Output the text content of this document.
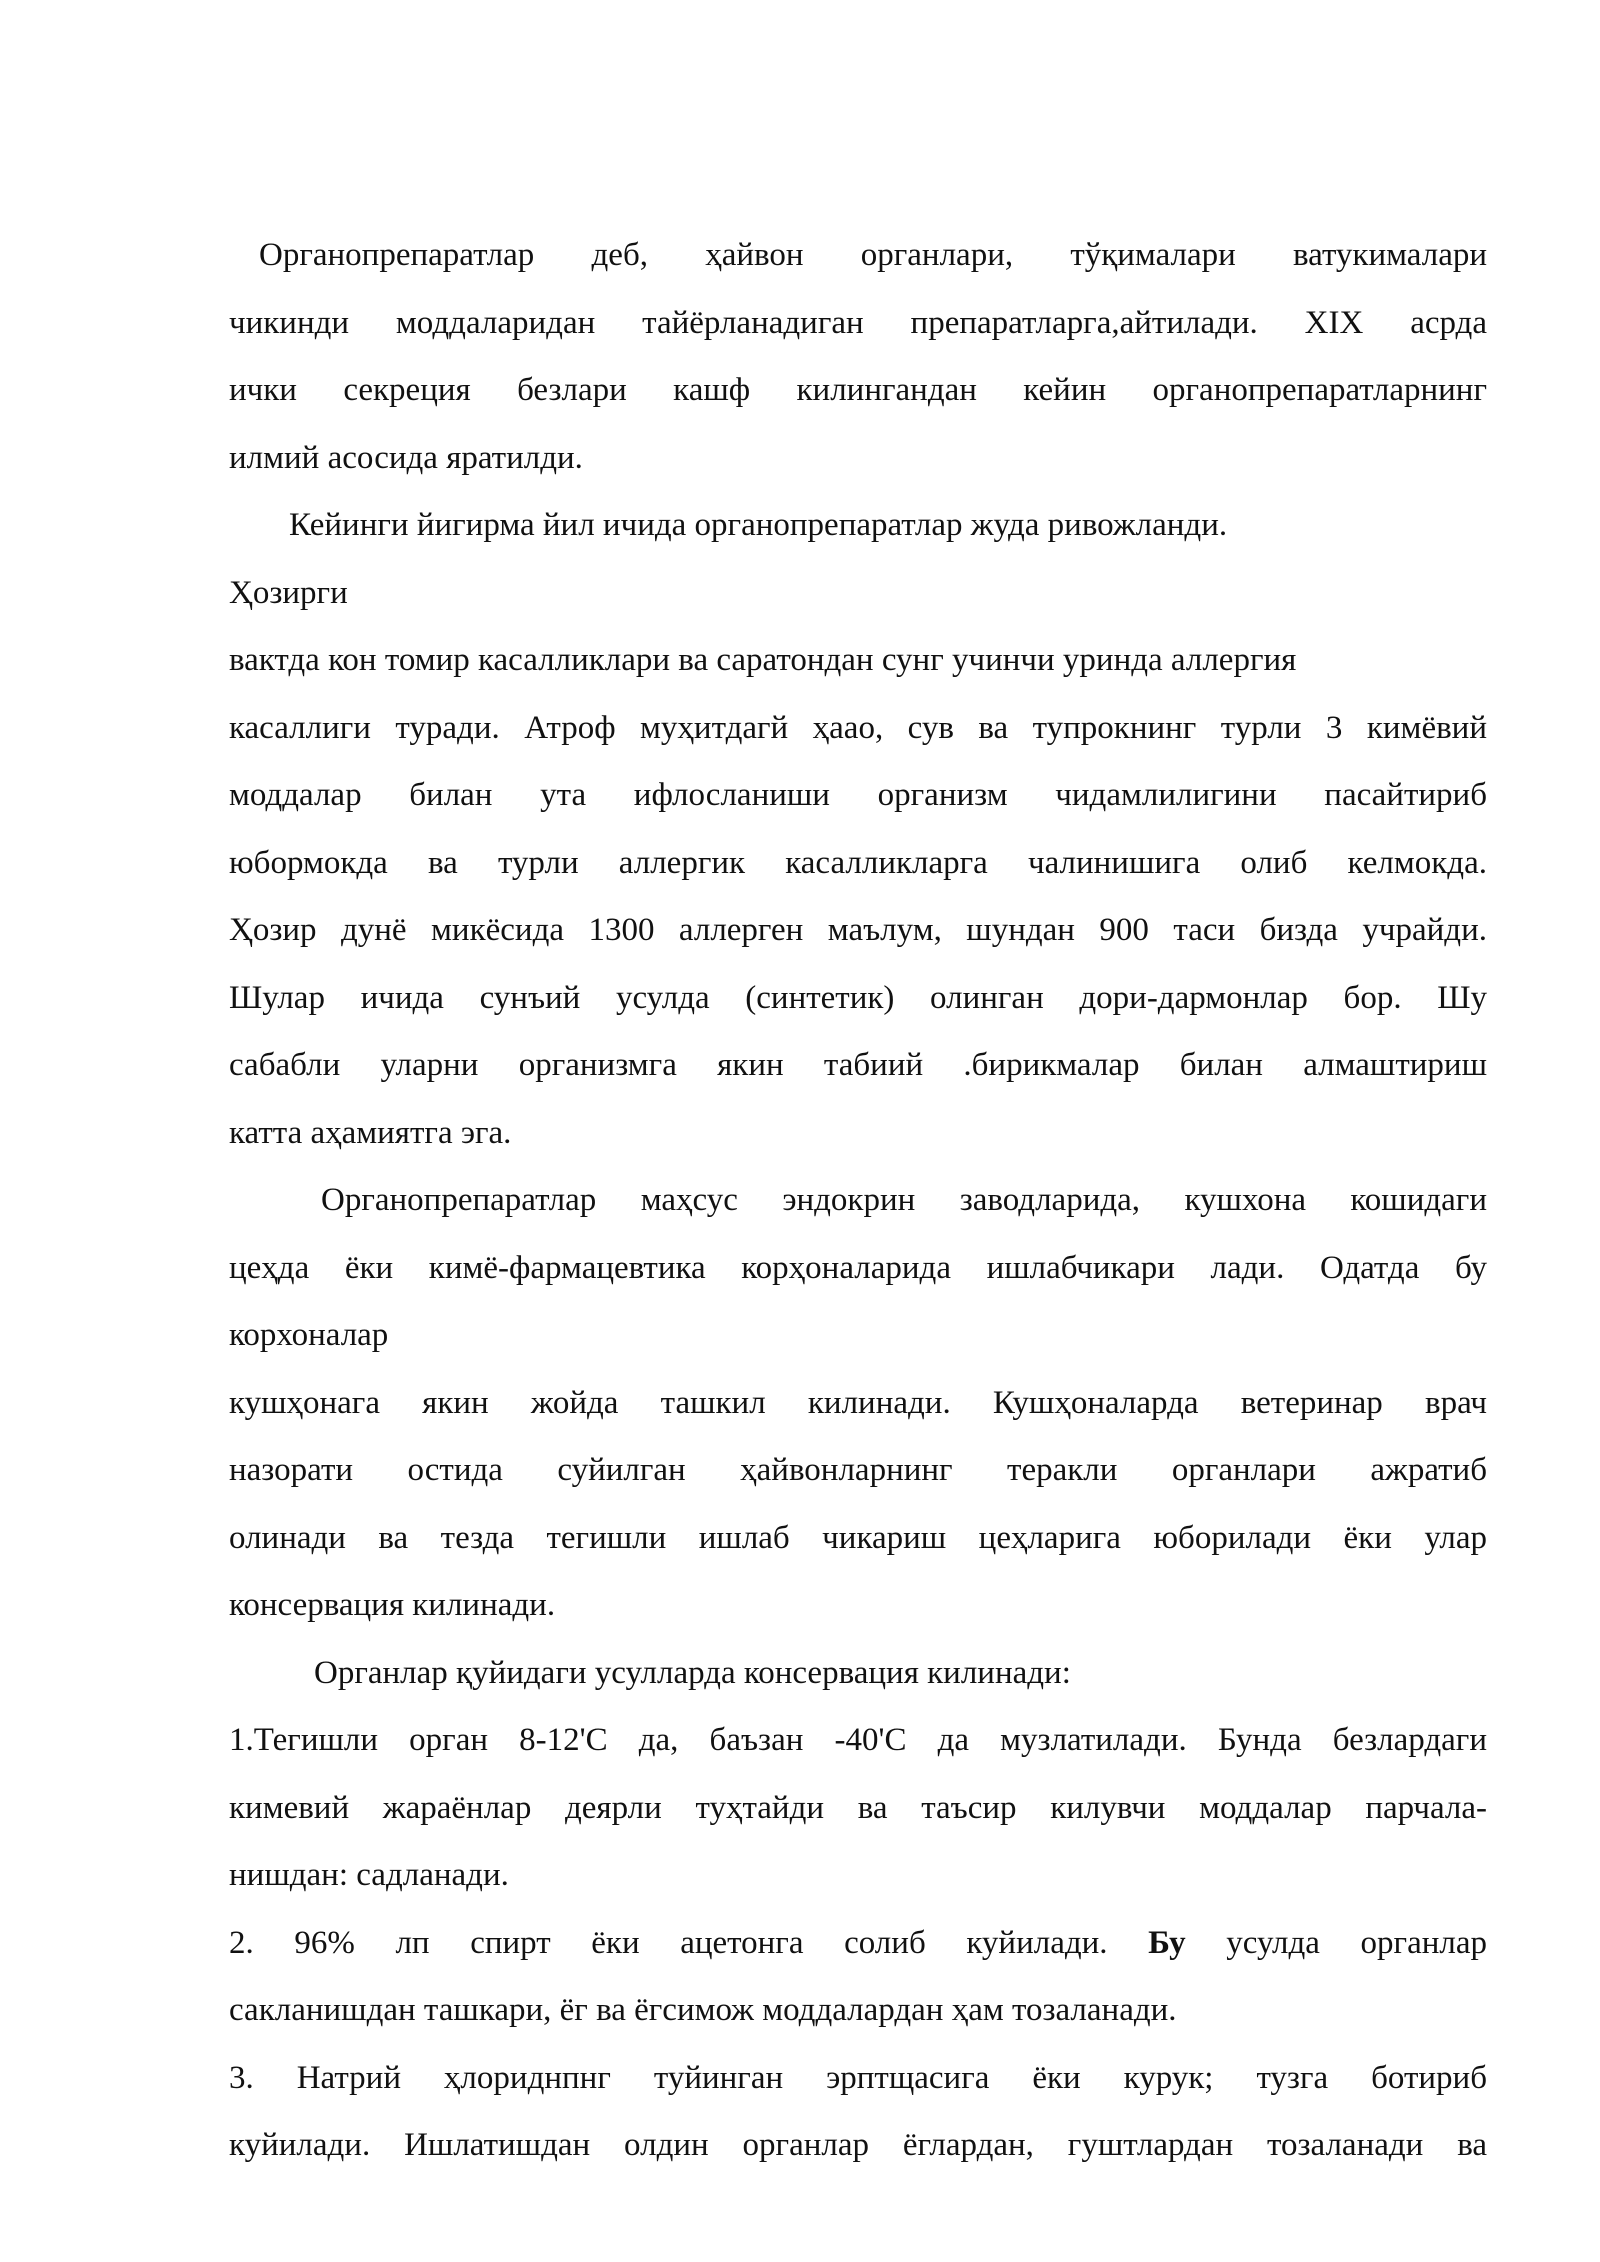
Органопрепаратлар деб, ҳайвон органлари, тўқималари ватукималари
чикинди моддаларидан тайёрланадиган препаратларга,айтилади. XIX асрда
ички секреция безлари кашф килингандан кейин органопрепаратларнинг
илмий асосида яратилди.
Кейинги йигирма йил ичида органопрепаратлар жуда ривожланди.
Ҳозирги
вактда кон томир касалликлари ва саратондан сунг учинчи уринда аллергия
касаллиги туради. Атроф муҳитдагй ҳаао, сув ва тупрокнинг турли 3 кимёвий
моддалар билан ута ифлосланиши организм чидамлилигини пасайтириб
юбормокда ва турли аллергик касалликларга чалинишига олиб келмокда.
Ҳозир дунё микёсида 1300 аллерген маълум, шундан 900 таси бизда учрайди.
Шулар ичида сунъий усулда (синтетик) олинган дори-дармонлар бор. Шу
сабабли уларни организмга якин табиий .бирикмалар билан алмаштириш
катта аҳамиятга эга.
Органопрепаратлар маҳсус эндокрин заводларида, кушхона кошидаги
цеҳда ёки кимё-фармацевтика корҳоналарида ишлабчикари лади. Одатда бу
корхоналар
кушҳонага якин жойда ташкил килинади. Кушҳоналарда ветеринар врач
назорати остида суйилган ҳайвонларнинг теракли органлари ажратиб
олинади ва тезда тегишли ишлаб чикариш цеҳларига юборилади ёки улар
консервация килинади.
Органлар қуйидаги усулларда консервация килинади:
1.Тегишли орган 8-12'С да, баъзан -40'С да музлатилади. Бунда безлардаги
кимевий жараёнлар деярли туҳтайди ва таъсир килувчи моддалар парчала-
нишдан: садланади.
2. 96% лп спирт ёки ацетонга солиб куйилади. Бу усулда органлар
сакланишдан ташкари, ёг ва ёгсимож моддалардан ҳам тозаланади.
3. Натрий ҳлориднпнг туйинган эрптщасига ёки курук; тузга ботириб
куйилади. Ишлатишдан олдин органлар ёглардан, гуштлардан тозаланади ва
